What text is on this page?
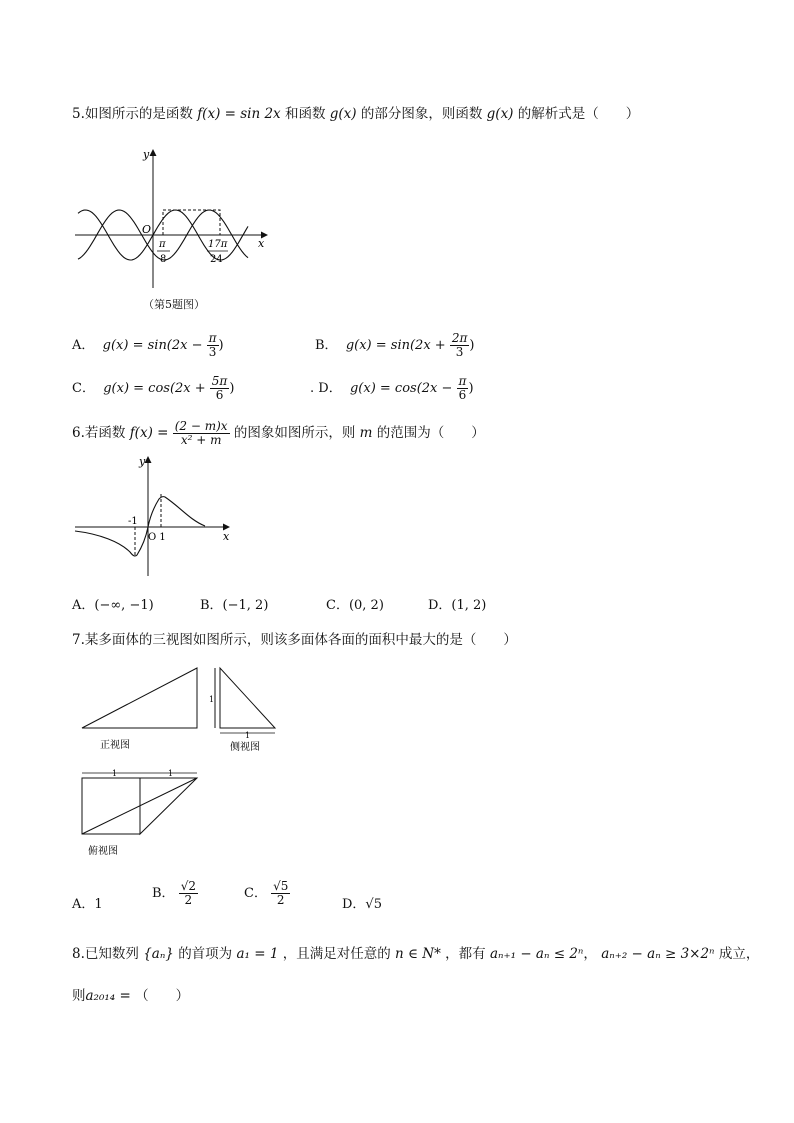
5.如图所示的是函数 f(x) = sin 2x 和函数 g(x) 的部分图象，则函数 g(x) 的解析式是（　　）
y
x
O
π
8
17π
24
（第5题图）
A． $g(x) = \sin(2x - \frac{\pi}{3}$ )	B． $g(x) = \sin(2x + \frac{2\pi}{3}$ )
C． $g(x) = \cos(2x + \frac{5\pi}{6}$ )	. D． $g(x) = \cos(2x - \frac{\pi}{6}$ )
6.若函数 $f(x) = \frac{(2 - m)x}{\text{x² + m}}$ 的图象如图所示，则 m 的范围为（　　）
y
x
-1
O 1
A．(−∞, −1)	B．(−1, 2)	C．(0, 2)	D．(1, 2)
7.某多面体的三视图如图所示，则该多面体各面的面积中最大的是（　　）
正视图
1
1
侧视图
1	1
俯视图
A．1
B． $\frac{√2}{2}$	C． $\frac{√5}{2}$	D．√5
8.已知数列 {aₙ} 的首项为 a₁ = 1 ，且满足对任意的 n ∈ N* ，都有 aₙ₊₁ − aₙ ≤ 2ⁿ， aₙ₊₂ − aₙ ≥ 3×2ⁿ 成立，
则a₂₀₁₄ = （　　）
